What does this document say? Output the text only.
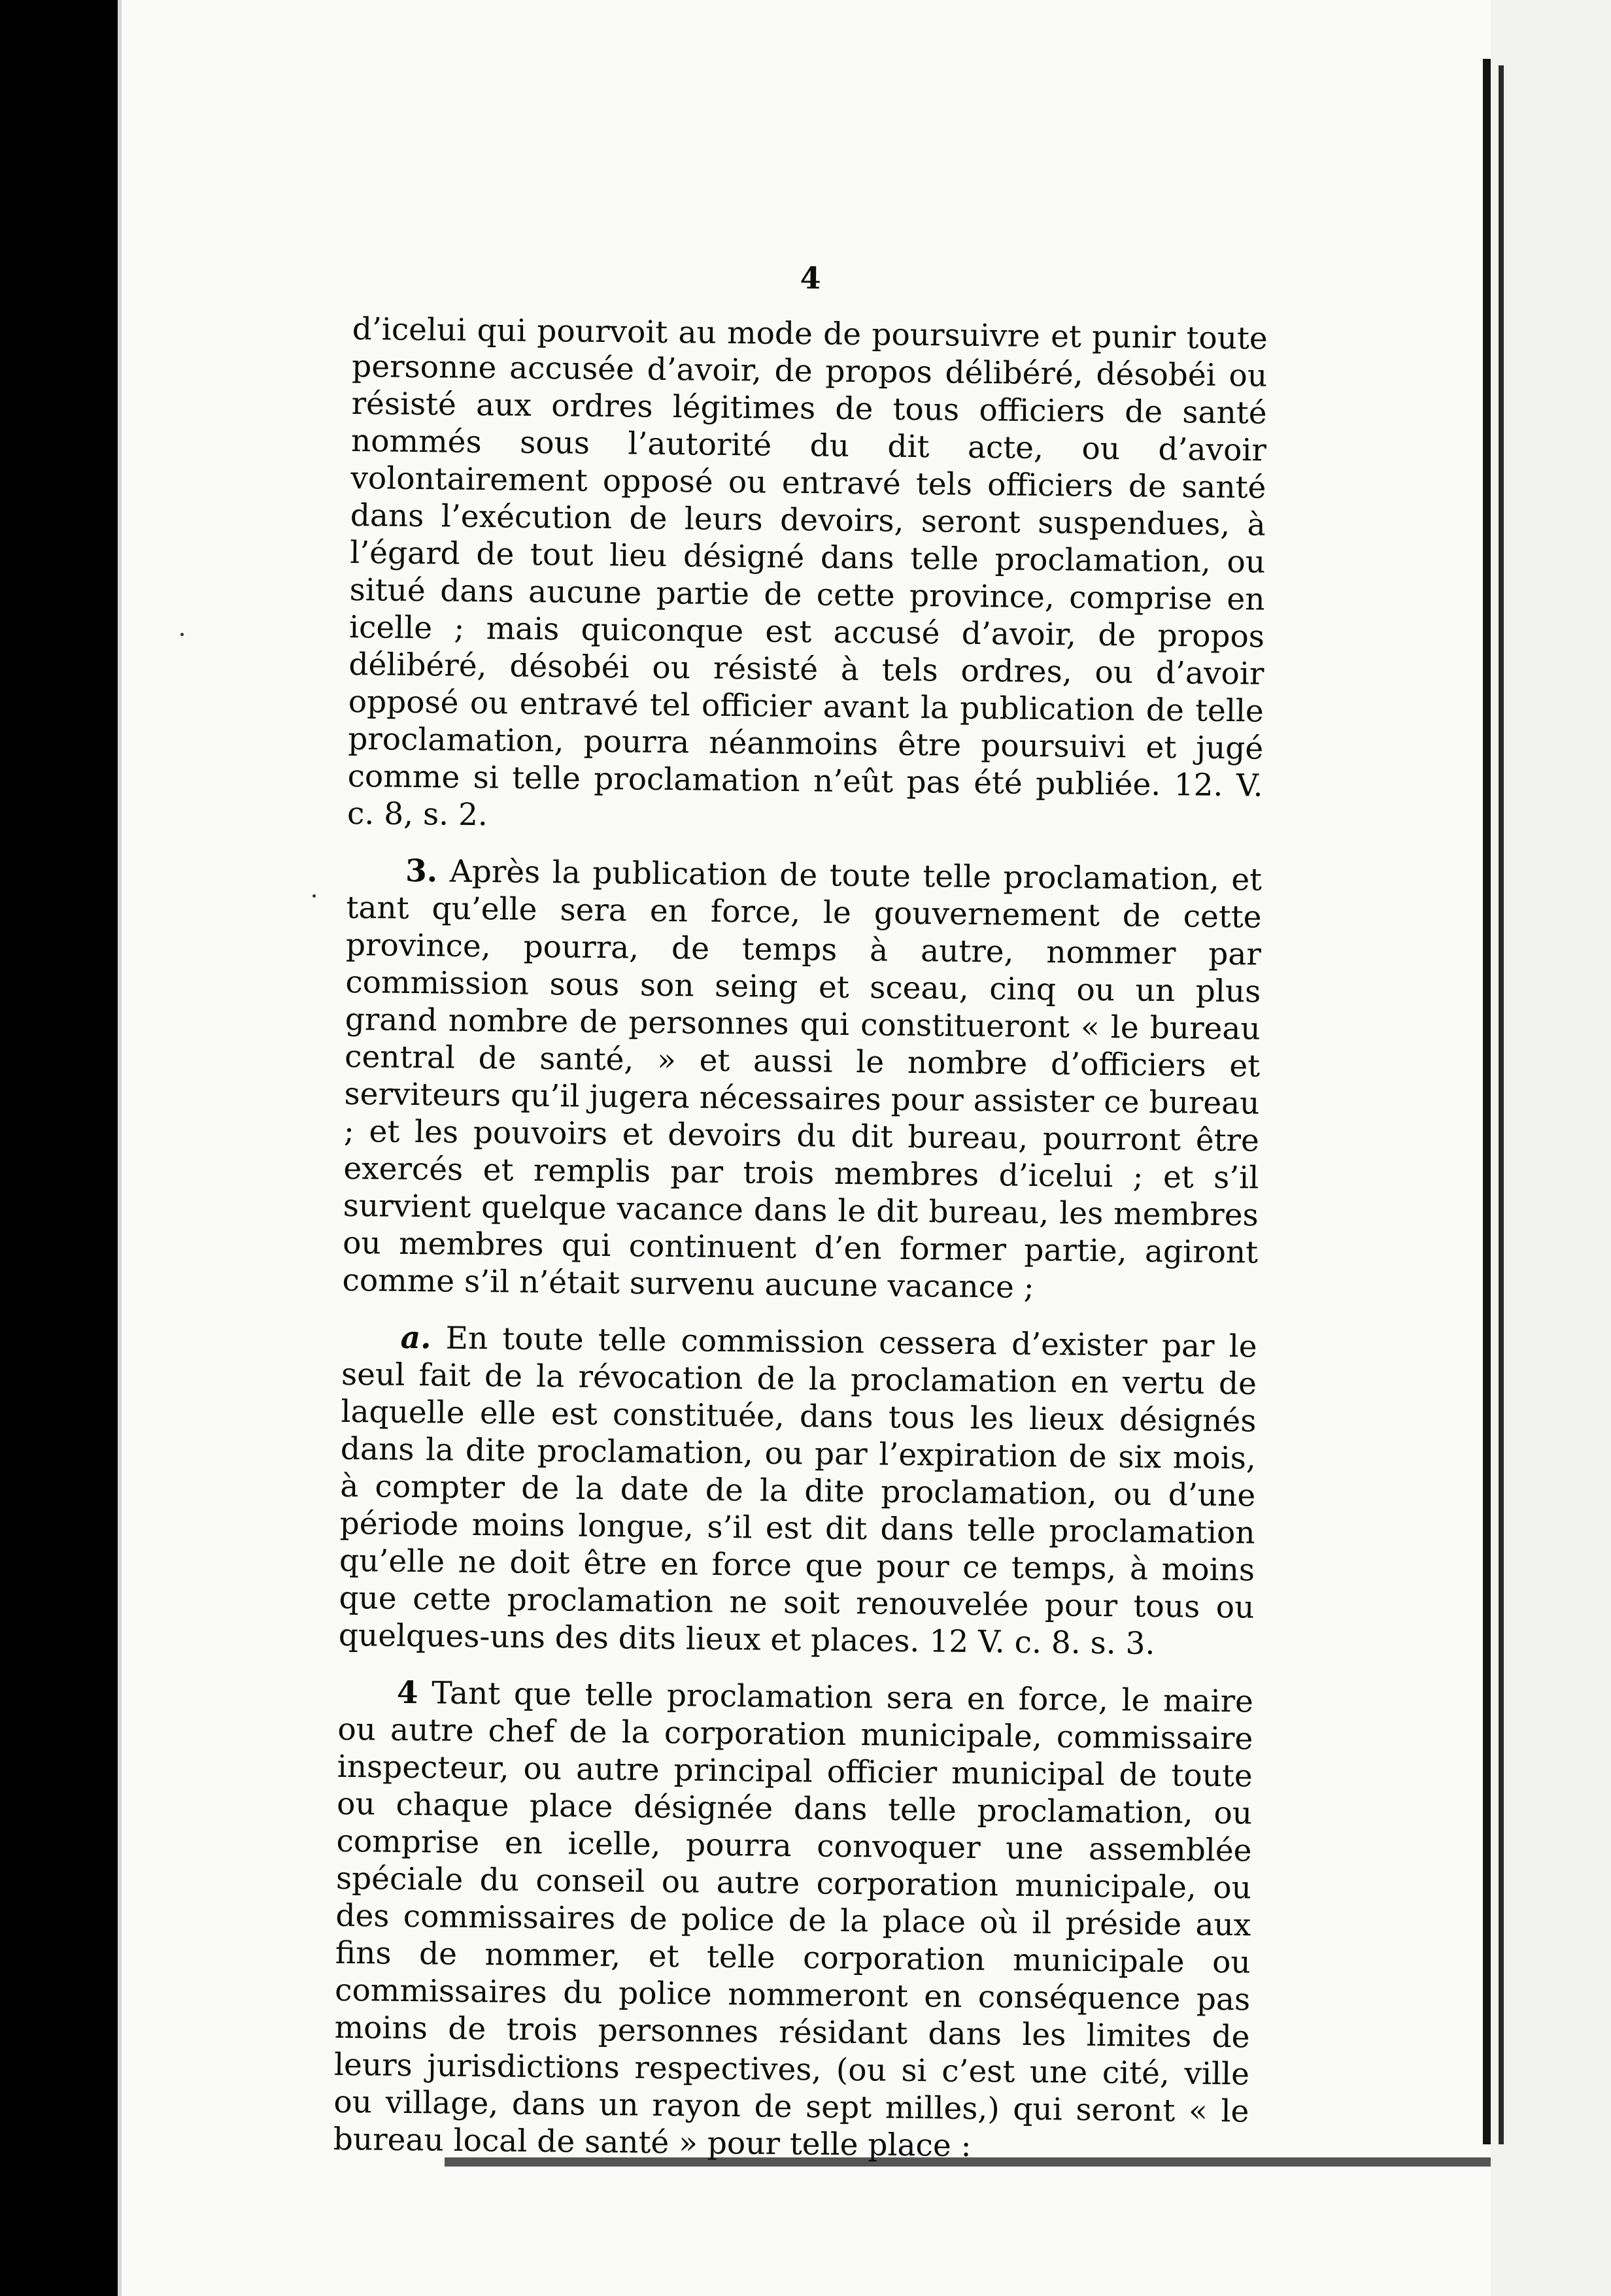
4

d’icelui qui pourvoit au mode de poursuivre et punir toute personne accusée d’avoir, de propos délibéré, désobéi ou résisté aux ordres légitimes de tous officiers de santé nommés sous l’autorité du dit acte, ou d’avoir volontairement opposé ou entravé tels officiers de santé dans l’exécution de leurs devoirs, seront suspendues, à l’égard de tout lieu désigné dans telle proclamation, ou situé dans aucune partie de cette province, comprise en icelle ; mais quiconque est accusé d’avoir, de propos délibéré, désobéi ou résisté à tels ordres, ou d’avoir opposé ou entravé tel officier avant la publication de telle proclamation, pourra néanmoins être poursuivi et jugé comme si telle proclamation n’eût pas été publiée. 12. V. c. 8, s. 2.

3. Après la publication de toute telle proclamation, et tant qu’elle sera en force, le gouvernement de cette province, pourra, de temps à autre, nommer par commission sous son seing et sceau, cinq ou un plus grand nombre de personnes qui constitueront « le bureau central de santé, » et aussi le nombre d’officiers et serviteurs qu’il jugera nécessaires pour assister ce bureau ; et les pouvoirs et devoirs du dit bureau, pourront être exercés et remplis par trois membres d’icelui ; et s’il survient quelque vacance dans le dit bureau, les membres ou membres qui continuent d’en former partie, agiront comme s’il n’était survenu aucune vacance ;

a. En toute telle commission cessera d’exister par le seul fait de la révocation de la proclamation en vertu de laquelle elle est constituée, dans tous les lieux désignés dans la dite proclamation, ou par l’expiration de six mois, à compter de la date de la dite proclamation, ou d’une période moins longue, s’il est dit dans telle proclamation qu’elle ne doit être en force que pour ce temps, à moins que cette proclamation ne soit renouvelée pour tous ou quelques-uns des dits lieux et places. 12 V. c. 8. s. 3.

4 Tant que telle proclamation sera en force, le maire ou autre chef de la corporation municipale, commissaire inspecteur, ou autre principal officier municipal de toute ou chaque place désignée dans telle proclamation, ou comprise en icelle, pourra convoquer une assemblée spéciale du conseil ou autre corporation municipale, ou des commissaires de police de la place où il préside aux fins de nommer, et telle corporation municipale ou commissaires du police nommeront en conséquence pas moins de trois personnes résidant dans les limites de leurs jurisdictions respectives, (ou si c’est une cité, ville ou village, dans un rayon de sept milles,) qui seront « le bureau local de santé » pour telle place :
